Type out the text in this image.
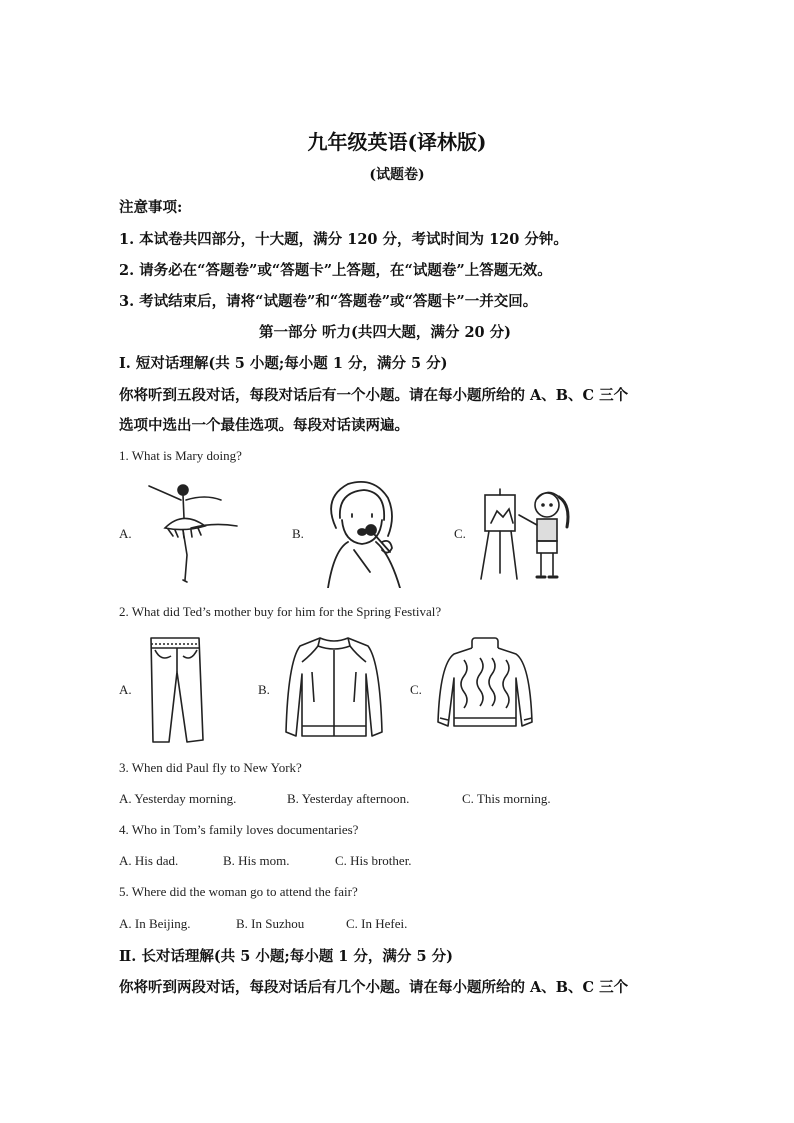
九年级英语(译林版)
(试题卷)
注意事项:
1. 本试卷共四部分，十大题，满分 120 分，考试时间为 120 分钟。
2. 请务必在“答题卷”或“答题卡”上答题，在“试题卷”上答题无效。
3. 考试结束后，请将“试题卷”和“答题卷”或“答题卡”一并交回。
第一部分 听力(共四大题，满分 20 分)
Ⅰ. 短对话理解(共 5 小题;每小题 1 分，满分 5 分)
你将听到五段对话，每段对话后有一个小题。请在每小题所给的 A、B、C 三个
选项中选出一个最佳选项。每段对话读两遍。
1. What is Mary doing?
A.	B.	C.
2. What did Ted’s mother buy for him for the Spring Festival?
A.	B.	C.
3. When did Paul fly to New York?
A. Yesterday morning.	B. Yesterday afternoon.	C. This morning.
4. Who in Tom’s family loves documentaries?
A. His dad.	B. His mom.	C. His brother.
5. Where did the woman go to attend the fair?
A. In Beijing.	B. In Suzhou	C. In Hefei.
Ⅱ. 长对话理解(共 5 小题;每小题 1 分，满分 5 分)
你将听到两段对话，每段对话后有几个小题。请在每小题所给的 A、B、C 三个
